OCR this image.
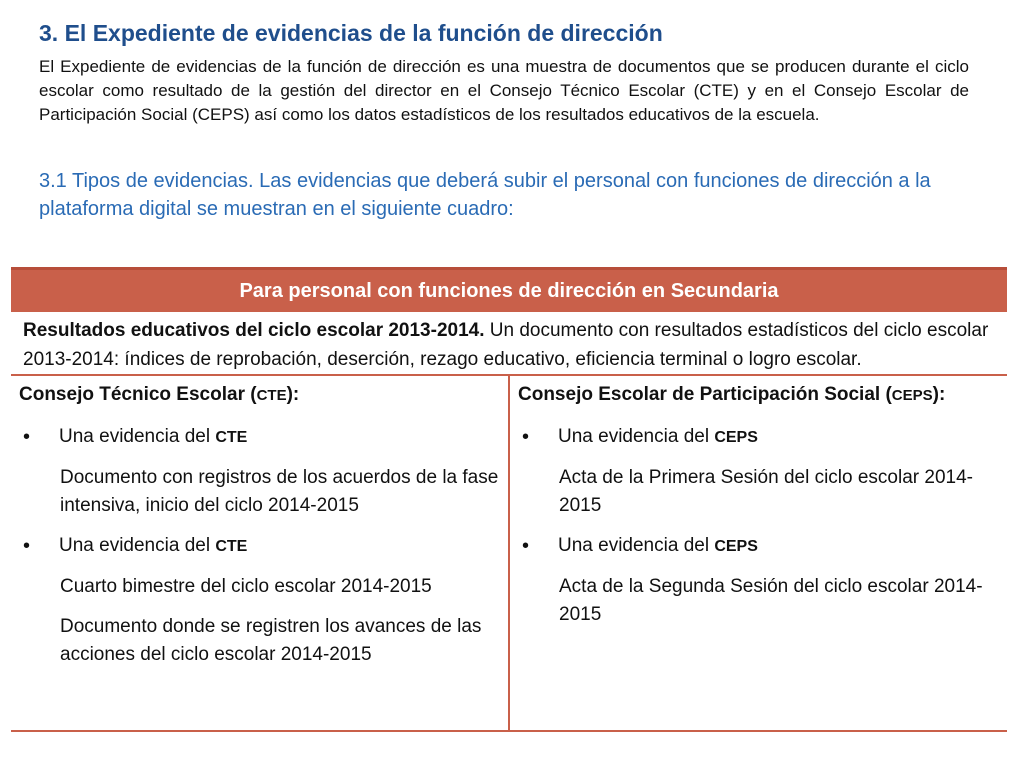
3. El Expediente de evidencias de la función de dirección

El Expediente de evidencias de la función de dirección es una muestra de documentos que se producen durante el ciclo escolar como resultado de la gestión del director en el Consejo Técnico Escolar (CTE) y en el Consejo Escolar de Participación Social (CEPS) así como los datos estadísticos de los resultados educativos de la escuela.

3.1 Tipos de evidencias. Las evidencias que deberá subir el personal con funciones de dirección a la plataforma digital se muestran en el siguiente cuadro:

Para personal con funciones de dirección en Secundaria
Resultados educativos del ciclo escolar 2013-2014. Un documento con resultados estadísticos del ciclo escolar 2013-2014: índices de reprobación, deserción, rezago educativo, eficiencia terminal o logro escolar.
Consejo Técnico Escolar (CTE):
•
Una evidencia del CTE
Documento con registros de los acuerdos de la fase intensiva, inicio del ciclo 2014-2015
•
Una evidencia del CTE
Cuarto bimestre del ciclo escolar 2014-2015
Documento donde se registren los avances de las acciones del ciclo escolar 2014-2015
Consejo Escolar de Participación Social (CEPS):
•
Una evidencia del CEPS
Acta de la Primera Sesión del ciclo escolar 2014-2015
•
Una evidencia del CEPS
Acta de la Segunda Sesión del ciclo escolar 2014-2015
